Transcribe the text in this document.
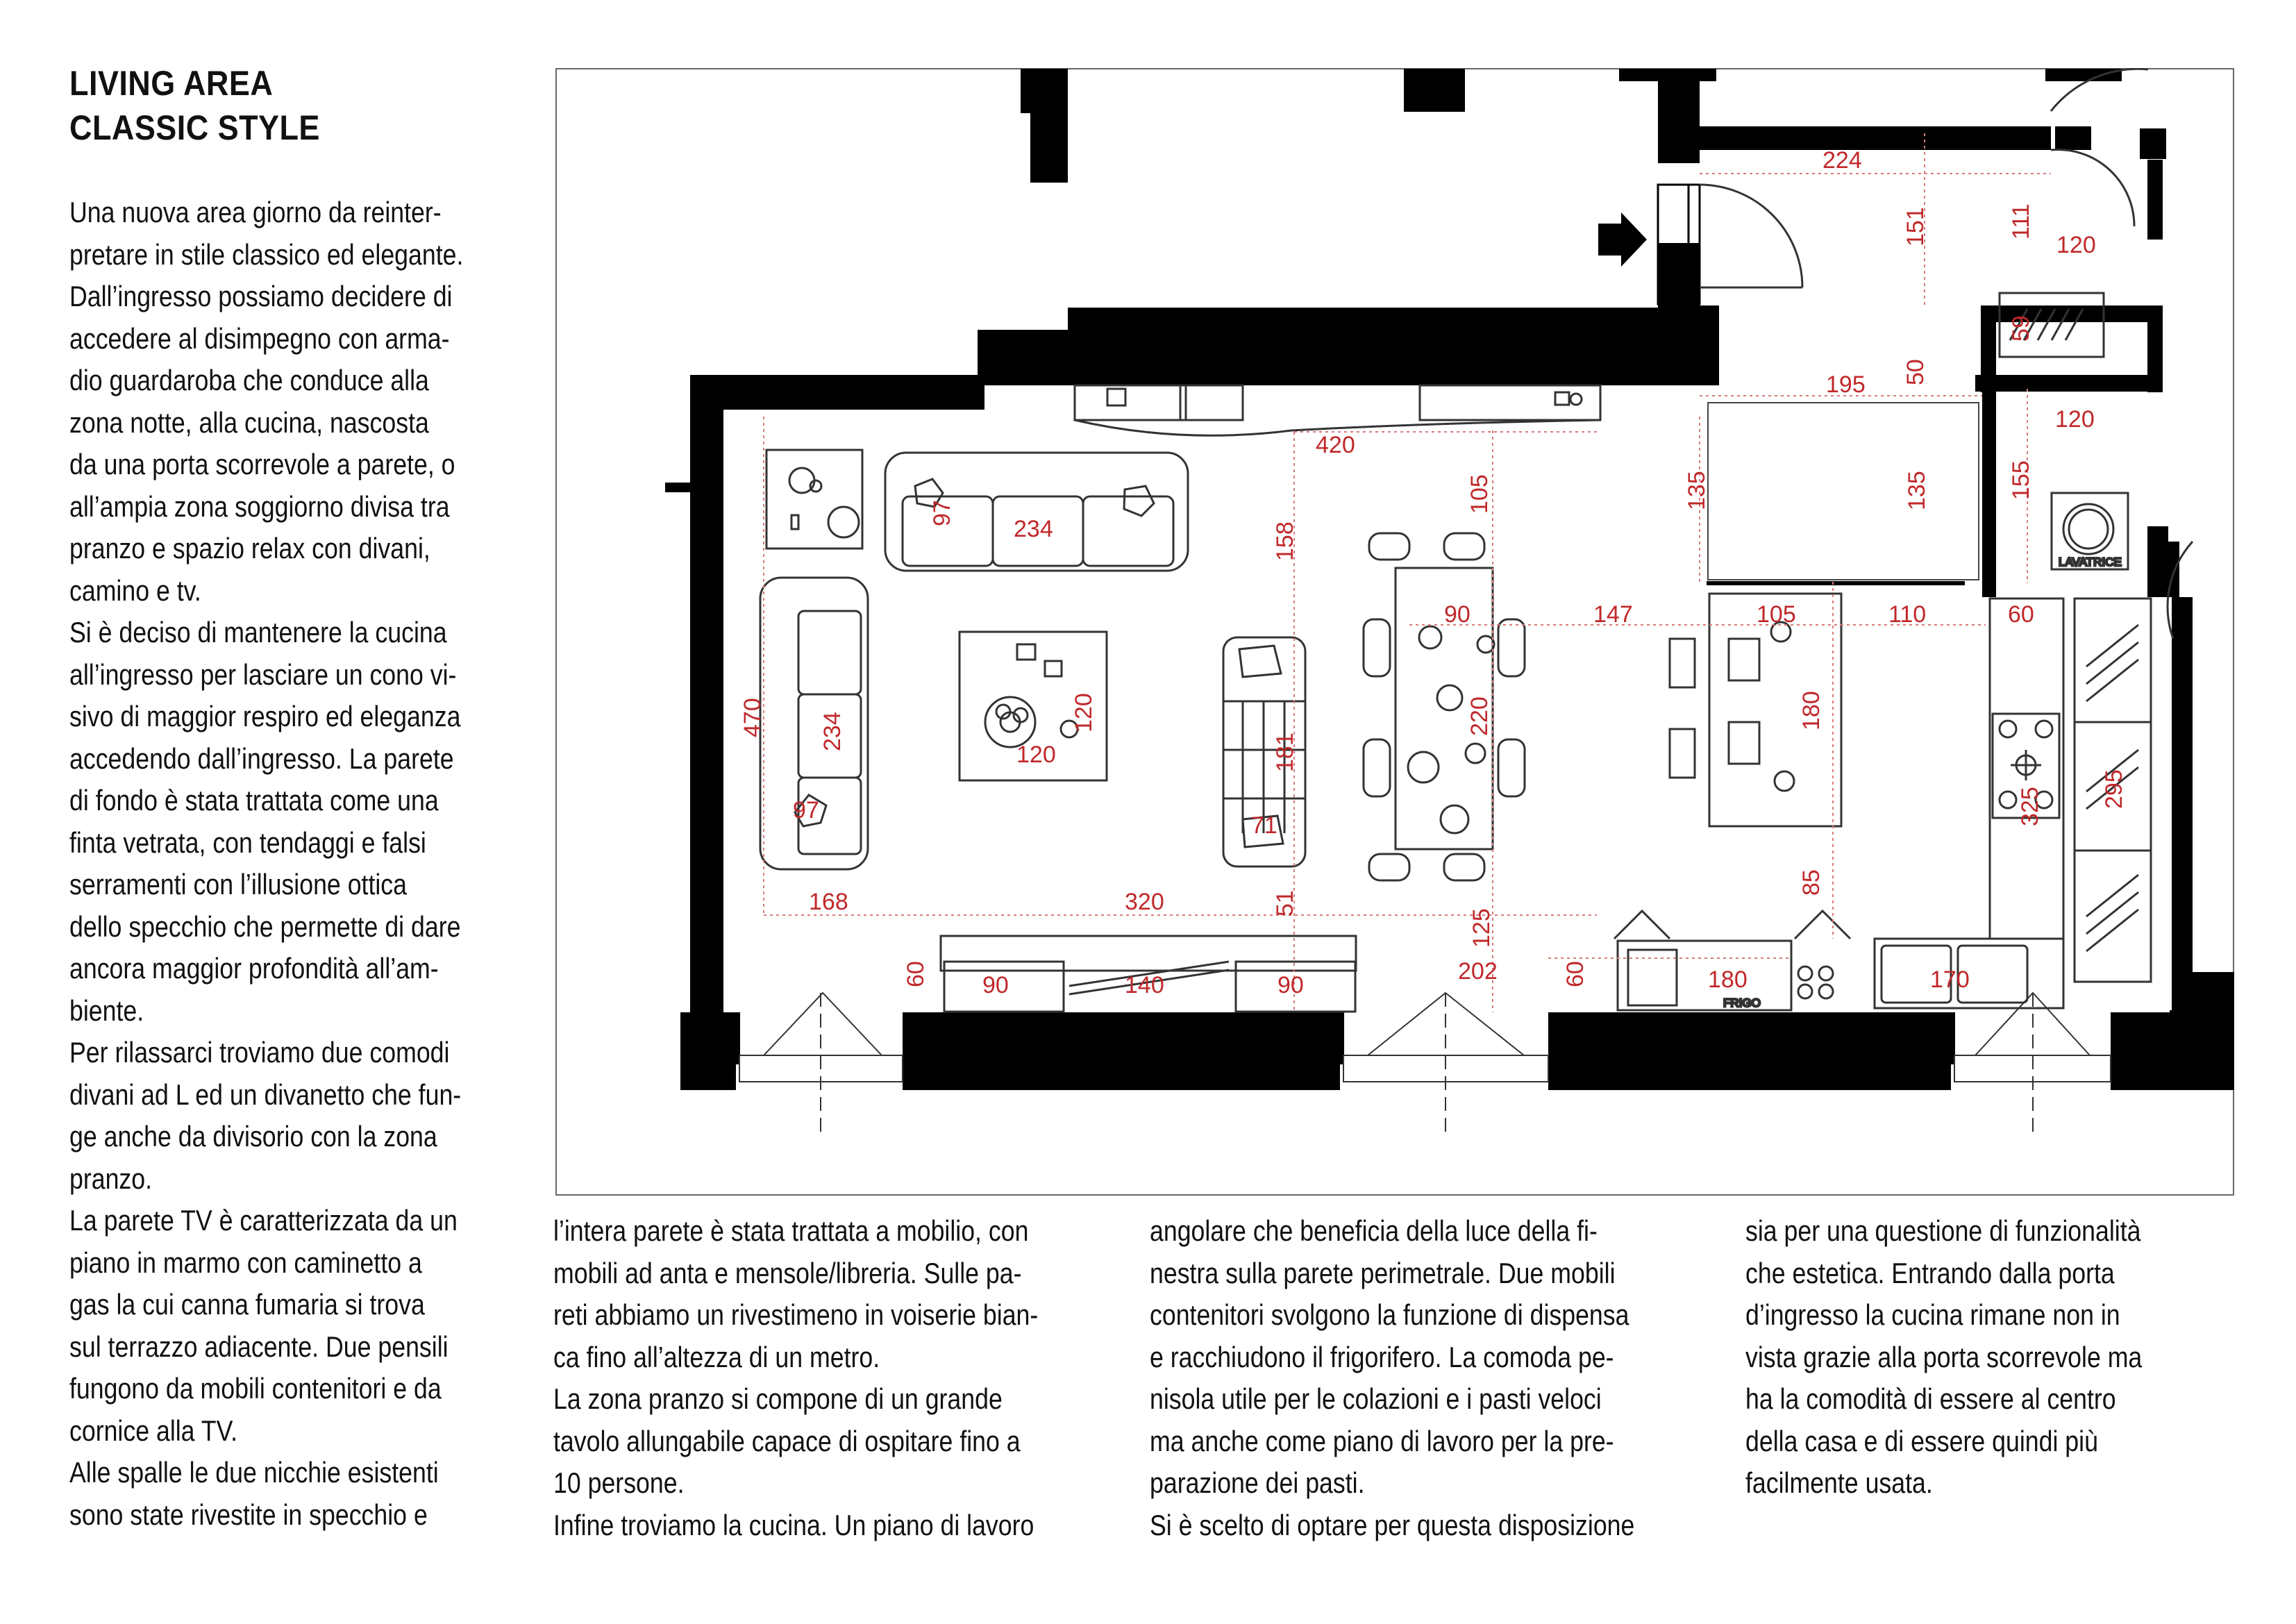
LIVING AREA
CLASSIC STYLE
Una nuova area giorno da reinter-
pretare in stile classico ed elegante.
Dall’ingresso possiamo decidere di
accedere al disimpegno con arma-
dio guardaroba che conduce alla
zona notte, alla cucina, nascosta
da una porta scorrevole a parete, o
all’ampia zona soggiorno divisa tra
pranzo e spazio relax con divani,
camino e tv.
Si è deciso di mantenere la cucina
all’ingresso per lasciare un cono vi-
sivo di maggior respiro ed eleganza
accedendo dall’ingresso. La parete
di fondo è stata trattata come una
finta vetrata, con tendaggi e falsi
serramenti con l’illusione ottica
dello specchio che permette di dare
ancora maggior profondità all’am-
biente.
Per rilassarci troviamo due comodi
divani ad L ed un divanetto che fun-
ge anche da divisorio con la zona
pranzo.
La parete TV è caratterizzata da un
piano in marmo con caminetto a
gas la cui canna fumaria si trova
sul terrazzo adiacente. Due pensili
fungono da mobili contenitori e da
cornice alla TV.
Alle spalle le due nicchie esistenti
sono state rivestite in specchio e
l’intera parete è stata trattata a mobilio, con
mobili ad anta e mensole/libreria. Sulle pa-
reti abbiamo un rivestimeno in voiserie bian-
ca fino all’altezza di un metro.
La zona pranzo si compone di un grande
tavolo allungabile capace di ospitare fino a
10 persone.
Infine troviamo la cucina. Un piano di lavoro
angolare che beneficia della luce della fi-
nestra sulla parete perimetrale. Due mobili
contenitori svolgono la funzione di dispensa
e racchiudono il frigorifero. La comoda pe-
nisola utile per le colazioni e i pasti veloci
ma anche come piano di lavoro per la pre-
parazione dei pasti.
Si è scelto di optare per questa disposizione
sia per una questione di funzionalità
che estetica. Entrando dalla porta
d’ingresso la cucina rimane non in
vista grazie alla porta scorrevole ma
ha la comodità di essere al centro
della casa e di essere quindi più
facilmente usata.
LAVATRICE
FRIGO
224
151	111
120
59
195 50
120
155
420
105	135	135
97
234	158
90	147	105	110	60
470 234	120
120	181
220	180
325 295
97
71
168	320	51
85
125
60 90	140	90
202	60	180	170
